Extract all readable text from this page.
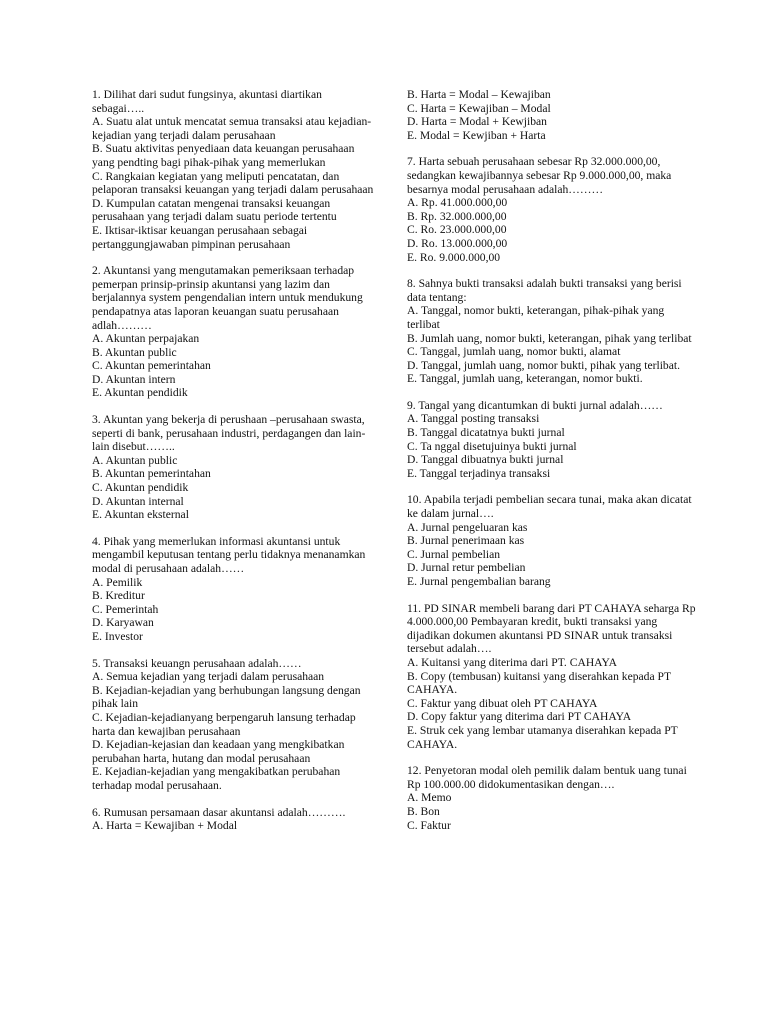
1. Dilihat dari sudut fungsinya, akuntasi diartikan sebagai…..

A. Suatu alat untuk mencatat semua transaksi atau kejadian-kejadian yang terjadi dalam perusahaan

B. Suatu aktivitas penyediaan data keuangan perusahaan yang pendting bagi pihak-pihak yang memerlukan

C. Rangkaian kegiatan yang meliputi pencatatan, dan pelaporan transaksi keuangan yang terjadi dalam perusahaan

D. Kumpulan catatan mengenai transaksi keuangan perusahaan yang terjadi dalam suatu periode tertentu

E. Iktisar-iktisar keuangan perusahaan sebagai pertanggungjawaban pimpinan perusahaan

2. Akuntansi yang mengutamakan pemeriksaan terhadap pemerpan prinsip-prinsip akuntansi yang lazim dan berjalannya system pengendalian intern untuk mendukung pendapatnya atas laporan keuangan suatu perusahaan adlah………

A. Akuntan perpajakan

B. Akuntan public

C. Akuntan pemerintahan

D. Akuntan intern

E. Akuntan pendidik

3. Akuntan yang bekerja di perushaan –perusahaan swasta, seperti di bank, perusahaan industri, perdagangen dan lain-lain disebut……..

A. Akuntan public

B. Akuntan pemerintahan

C. Akuntan pendidik

D. Akuntan internal

E. Akuntan eksternal

4. Pihak yang memerlukan informasi akuntansi untuk mengambil keputusan tentang perlu tidaknya menanamkan modal di perusahaan adalah……

A. Pemilik

B. Kreditur

C. Pemerintah

D. Karyawan

E. Investor

5. Transaksi keuangn perusahaan adalah……

A. Semua kejadian yang terjadi dalam perusahaan

B. Kejadian-kejadian yang berhubungan langsung dengan pihak lain

C. Kejadian-kejadianyang berpengaruh lansung terhadap harta dan kewajiban perusahaan

D. Kejadian-kejasian dan keadaan yang mengkibatkan perubahan harta, hutang dan modal perusahaan

E. Kejadian-kejadian yang mengakibatkan perubahan terhadap modal perusahaan.

6. Rumusan persamaan dasar akuntansi adalah……….

A. Harta = Kewajiban + Modal

B. Harta = Modal – Kewajiban

C. Harta = Kewajiban – Modal

D. Harta = Modal + Kewjiban

E. Modal = Kewjiban + Harta

7. Harta sebuah perusahaan sebesar Rp 32.000.000,00, sedangkan kewajibannya sebesar Rp 9.000.000,00, maka besarnya modal perusahaan adalah………

A. Rp. 41.000.000,00

B. Rp. 32.000.000,00

C. Ro. 23.000.000,00

D. Ro. 13.000.000,00

E. Ro. 9.000.000,00

8. Sahnya bukti transaksi adalah bukti transaksi yang berisi data tentang:

A. Tanggal, nomor bukti, keterangan, pihak-pihak yang terlibat

B. Jumlah uang, nomor bukti, keterangan, pihak yang terlibat

C. Tanggal, jumlah uang, nomor bukti, alamat

D. Tanggal, jumlah uang, nomor bukti, pihak yang terlibat.

E. Tanggal, jumlah uang, keterangan, nomor bukti.

9. Tangal yang dicantumkan di bukti jurnal adalah……

A. Tanggal posting transaksi

B. Tanggal dicatatnya bukti jurnal

C. Ta nggal disetujuinya bukti jurnal

D. Tanggal dibuatnya bukti jurnal

E. Tanggal terjadinya transaksi

10. Apabila terjadi pembelian secara tunai, maka akan dicatat ke dalam jurnal….

A. Jurnal pengeluaran kas

B. Jurnal penerimaan kas

C. Jurnal pembelian

D. Jurnal retur pembelian

E. Jurnal pengembalian barang

11. PD SINAR membeli barang dari PT CAHAYA seharga Rp 4.000.000,00 Pembayaran kredit, bukti transaksi yang dijadikan dokumen akuntansi PD SINAR untuk transaksi tersebut adalah….

A. Kuitansi yang diterima dari PT. CAHAYA

B. Copy (tembusan) kuitansi yang diserahkan kepada PT CAHAYA.

C. Faktur yang dibuat oleh PT CAHAYA

D. Copy faktur yang diterima dari PT CAHAYA

E. Struk cek yang lembar utamanya diserahkan kepada PT CAHAYA.

12. Penyetoran modal oleh pemilik dalam bentuk uang tunai Rp 100.000.00 didokumentasikan dengan….

A. Memo

B. Bon

C. Faktur
